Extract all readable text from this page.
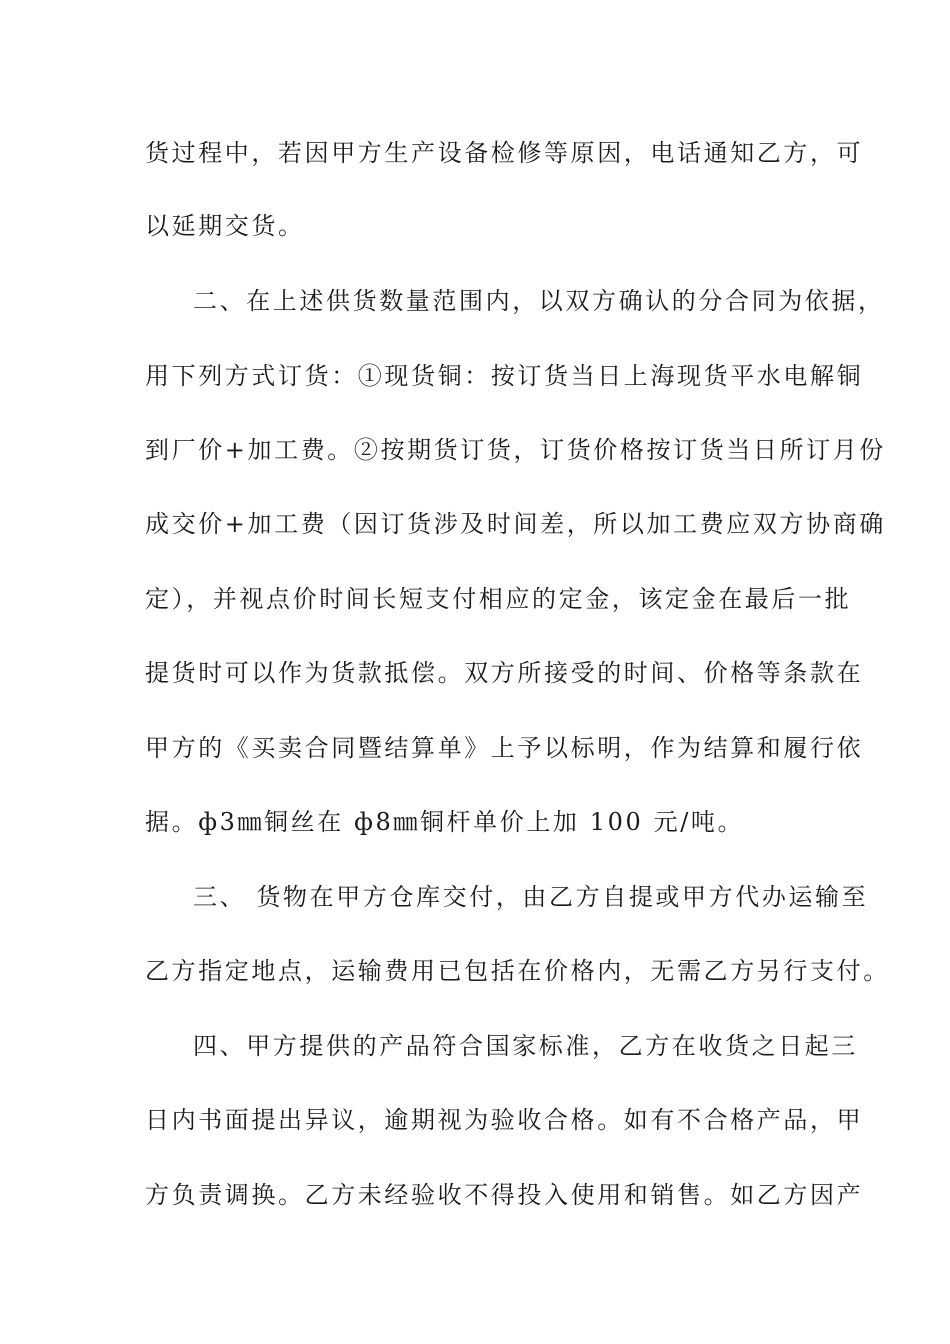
货过程中，若因甲方生产设备检修等原因，电话通知乙方，可
以延期交货。
二、在上述供货数量范围内，以双方确认的分合同为依据，
用下列方式订货：①现货铜：按订货当日上海现货平水电解铜
到厂价+加工费。②按期货订货，订货价格按订货当日所订月份
成交价+加工费（因订货涉及时间差，所以加工费应双方协商确
定），并视点价时间长短支付相应的定金，该定金在最后一批
提货时可以作为货款抵偿。双方所接受的时间、价格等条款在
甲方的《买卖合同暨结算单》上予以标明，作为结算和履行依
据。ф3㎜铜丝在 ф8㎜铜杆单价上加 100 元/吨。
三、 货物在甲方仓库交付，由乙方自提或甲方代办运输至
乙方指定地点，运输费用已包括在价格内，无需乙方另行支付。
四、甲方提供的产品符合国家标准，乙方在收货之日起三
日内书面提出异议，逾期视为验收合格。如有不合格产品，甲
方负责调换。乙方未经验收不得投入使用和销售。如乙方因产
